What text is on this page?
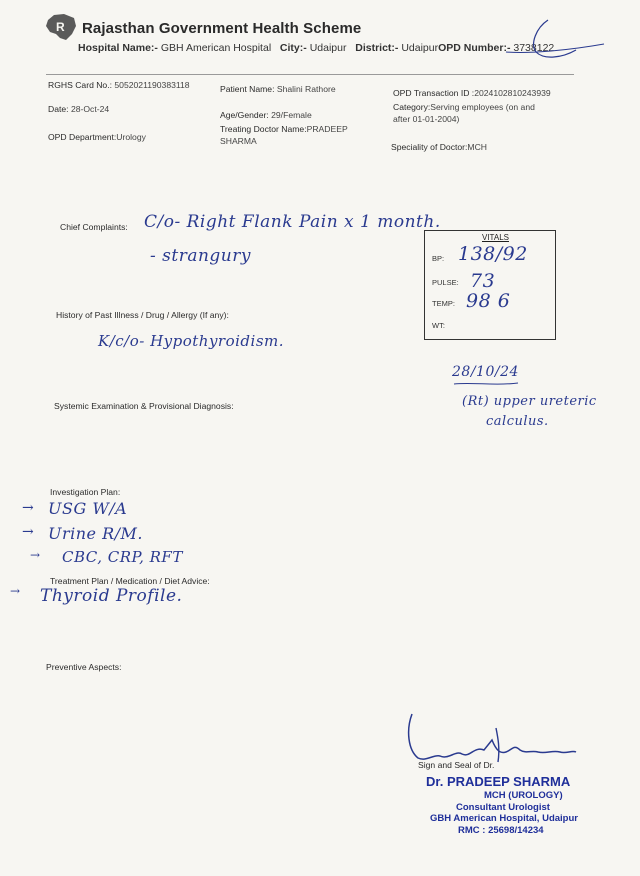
R Rajasthan Government Health Scheme
Hospital Name:- GBH American Hospital City:- Udaipur District:- UdaipurOPD Number:- 3738122
RGHS Card No.: 5052021190383118	Patient Name: Shalini Rathore	OPD Transaction ID :2024102810243939
Date: 28-Oct-24
Age/Gender: 29/Female
Category:Serving employees (on and
after 01-01-2004)
Treating Doctor Name:PRADEEP
SHARMA
OPD Department:Urology
Speciality of Doctor:MCH
Chief Complaints: C/o- Right Flank Pain x 1 month.
- strangury
VITALS
BP: 138/92
PULSE: 73
TEMP: 98 6
WT:
History of Past Illness / Drug / Allergy (If any):
K/c/o- Hypothyroidism.
Systemic Examination & Provisional Diagnosis:
28/10/24
(Rt) upper ureteric
calculus.
Investigation Plan:
→ USG W/A
→ Urine R/M.
→ CBC, CRP, RFT
Treatment Plan / Medication / Diet Advice:
→ Thyroid Profile.
Preventive Aspects:
Sign and Seal of Dr.
Dr. PRADEEP SHARMA
MCH (UROLOGY)
Consultant Urologist
GBH American Hospital, Udaipur
RMC : 25698/14234
